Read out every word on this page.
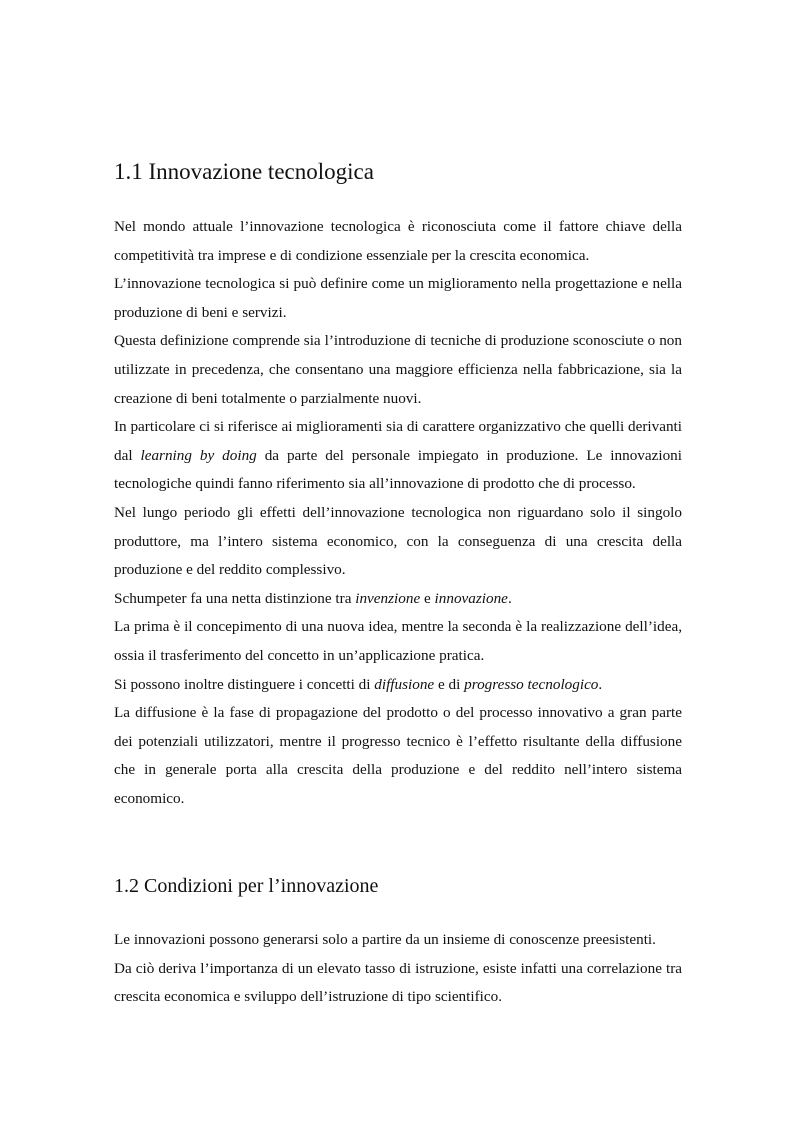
1.1 Innovazione tecnologica

Nel mondo attuale l’innovazione tecnologica è riconosciuta come il fattore chiave della competitività tra imprese e di condizione essenziale per la crescita economica.

L’innovazione tecnologica si può definire come un miglioramento nella progettazione e nella produzione di beni e servizi.

Questa definizione comprende sia l’introduzione di tecniche di produzione sconosciute o non utilizzate in precedenza, che consentano una maggiore efficienza nella fabbricazione, sia la creazione di beni totalmente o parzialmente nuovi.

In particolare ci si riferisce ai miglioramenti sia di carattere organizzativo che quelli derivanti dal learning by doing da parte del personale impiegato in produzione. Le innovazioni tecnologiche quindi fanno riferimento sia all’innovazione di prodotto che di processo.

Nel lungo periodo gli effetti dell’innovazione tecnologica non riguardano solo il singolo produttore, ma l’intero sistema economico, con la conseguenza di una crescita della produzione e del reddito complessivo.

Schumpeter fa una netta distinzione tra invenzione e innovazione.

La prima è il concepimento di una nuova idea, mentre la seconda è la realizzazione dell’idea, ossia il trasferimento del concetto in un’applicazione pratica.

Si possono inoltre distinguere i concetti di diffusione e di progresso tecnologico.

La diffusione è la fase di propagazione del prodotto o del processo innovativo a gran parte dei potenziali utilizzatori, mentre il progresso tecnico è l’effetto risultante della diffusione che in generale porta alla crescita della produzione e del reddito nell’intero sistema economico.

1.2 Condizioni per l’innovazione

Le innovazioni possono generarsi solo a partire da un insieme di conoscenze preesistenti.

Da ciò deriva l’importanza di un elevato tasso di istruzione, esiste infatti una correlazione tra crescita economica e sviluppo dell’istruzione di tipo scientifico.
